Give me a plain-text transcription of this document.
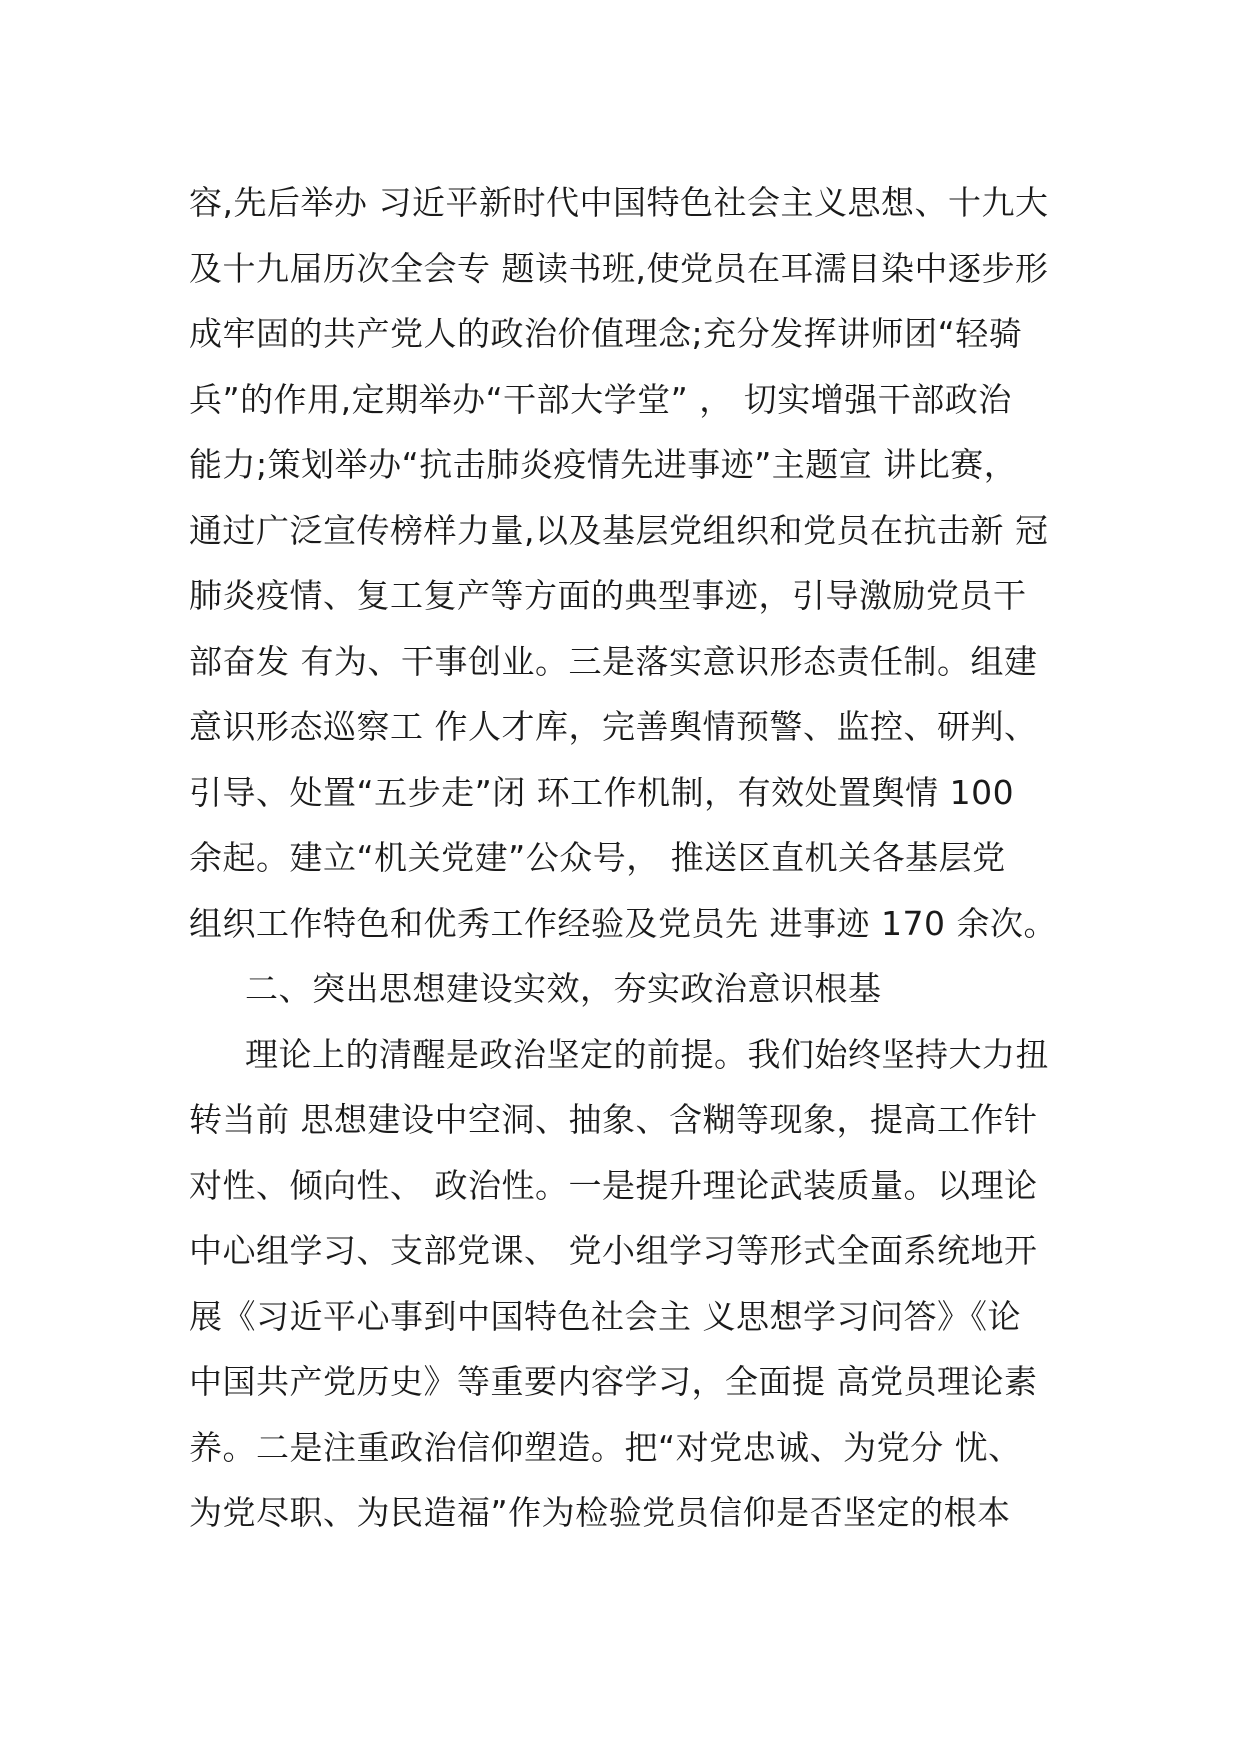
容,先后举办 习近平新时代中国特色社会主义思想、十九大
及十九届历次全会专 题读书班,使党员在耳濡目染中逐步形
成牢固的共产党人的政治价值理念;充分发挥讲师团“轻骑
兵”的作用,定期举办“干部大学堂” ， 切实增强干部政治
能力;策划举办“抗击肺炎疫情先进事迹”主题宣 讲比赛，
通过广泛宣传榜样力量,以及基层党组织和党员在抗击新 冠
肺炎疫情、复工复产等方面的典型事迹，引导激励党员干
部奋发 有为、干事创业。三是落实意识形态责任制。组建
意识形态巡察工 作人才库，完善舆情预警、监控、研判、
引导、处置“五步走”闭 环工作机制，有效处置舆情 100
余起。建立“机关党建”公众号， 推送区直机关各基层党
组织工作特色和优秀工作经验及党员先 进事迹 170 余次。
二、突出思想建设实效，夯实政治意识根基
理论上的清醒是政治坚定的前提。我们始终坚持大力扭
转当前 思想建设中空洞、抽象、含糊等现象，提高工作针
对性、倾向性、 政治性。一是提升理论武装质量。以理论
中心组学习、支部党课、 党小组学习等形式全面系统地开
展《习近平心事到中国特色社会主 义思想学习问答》《论
中国共产党历史》等重要内容学习，全面提 高党员理论素
养。二是注重政治信仰塑造。把“对党忠诚、为党分 忧、
为党尽职、为民造福”作为检验党员信仰是否坚定的根本
